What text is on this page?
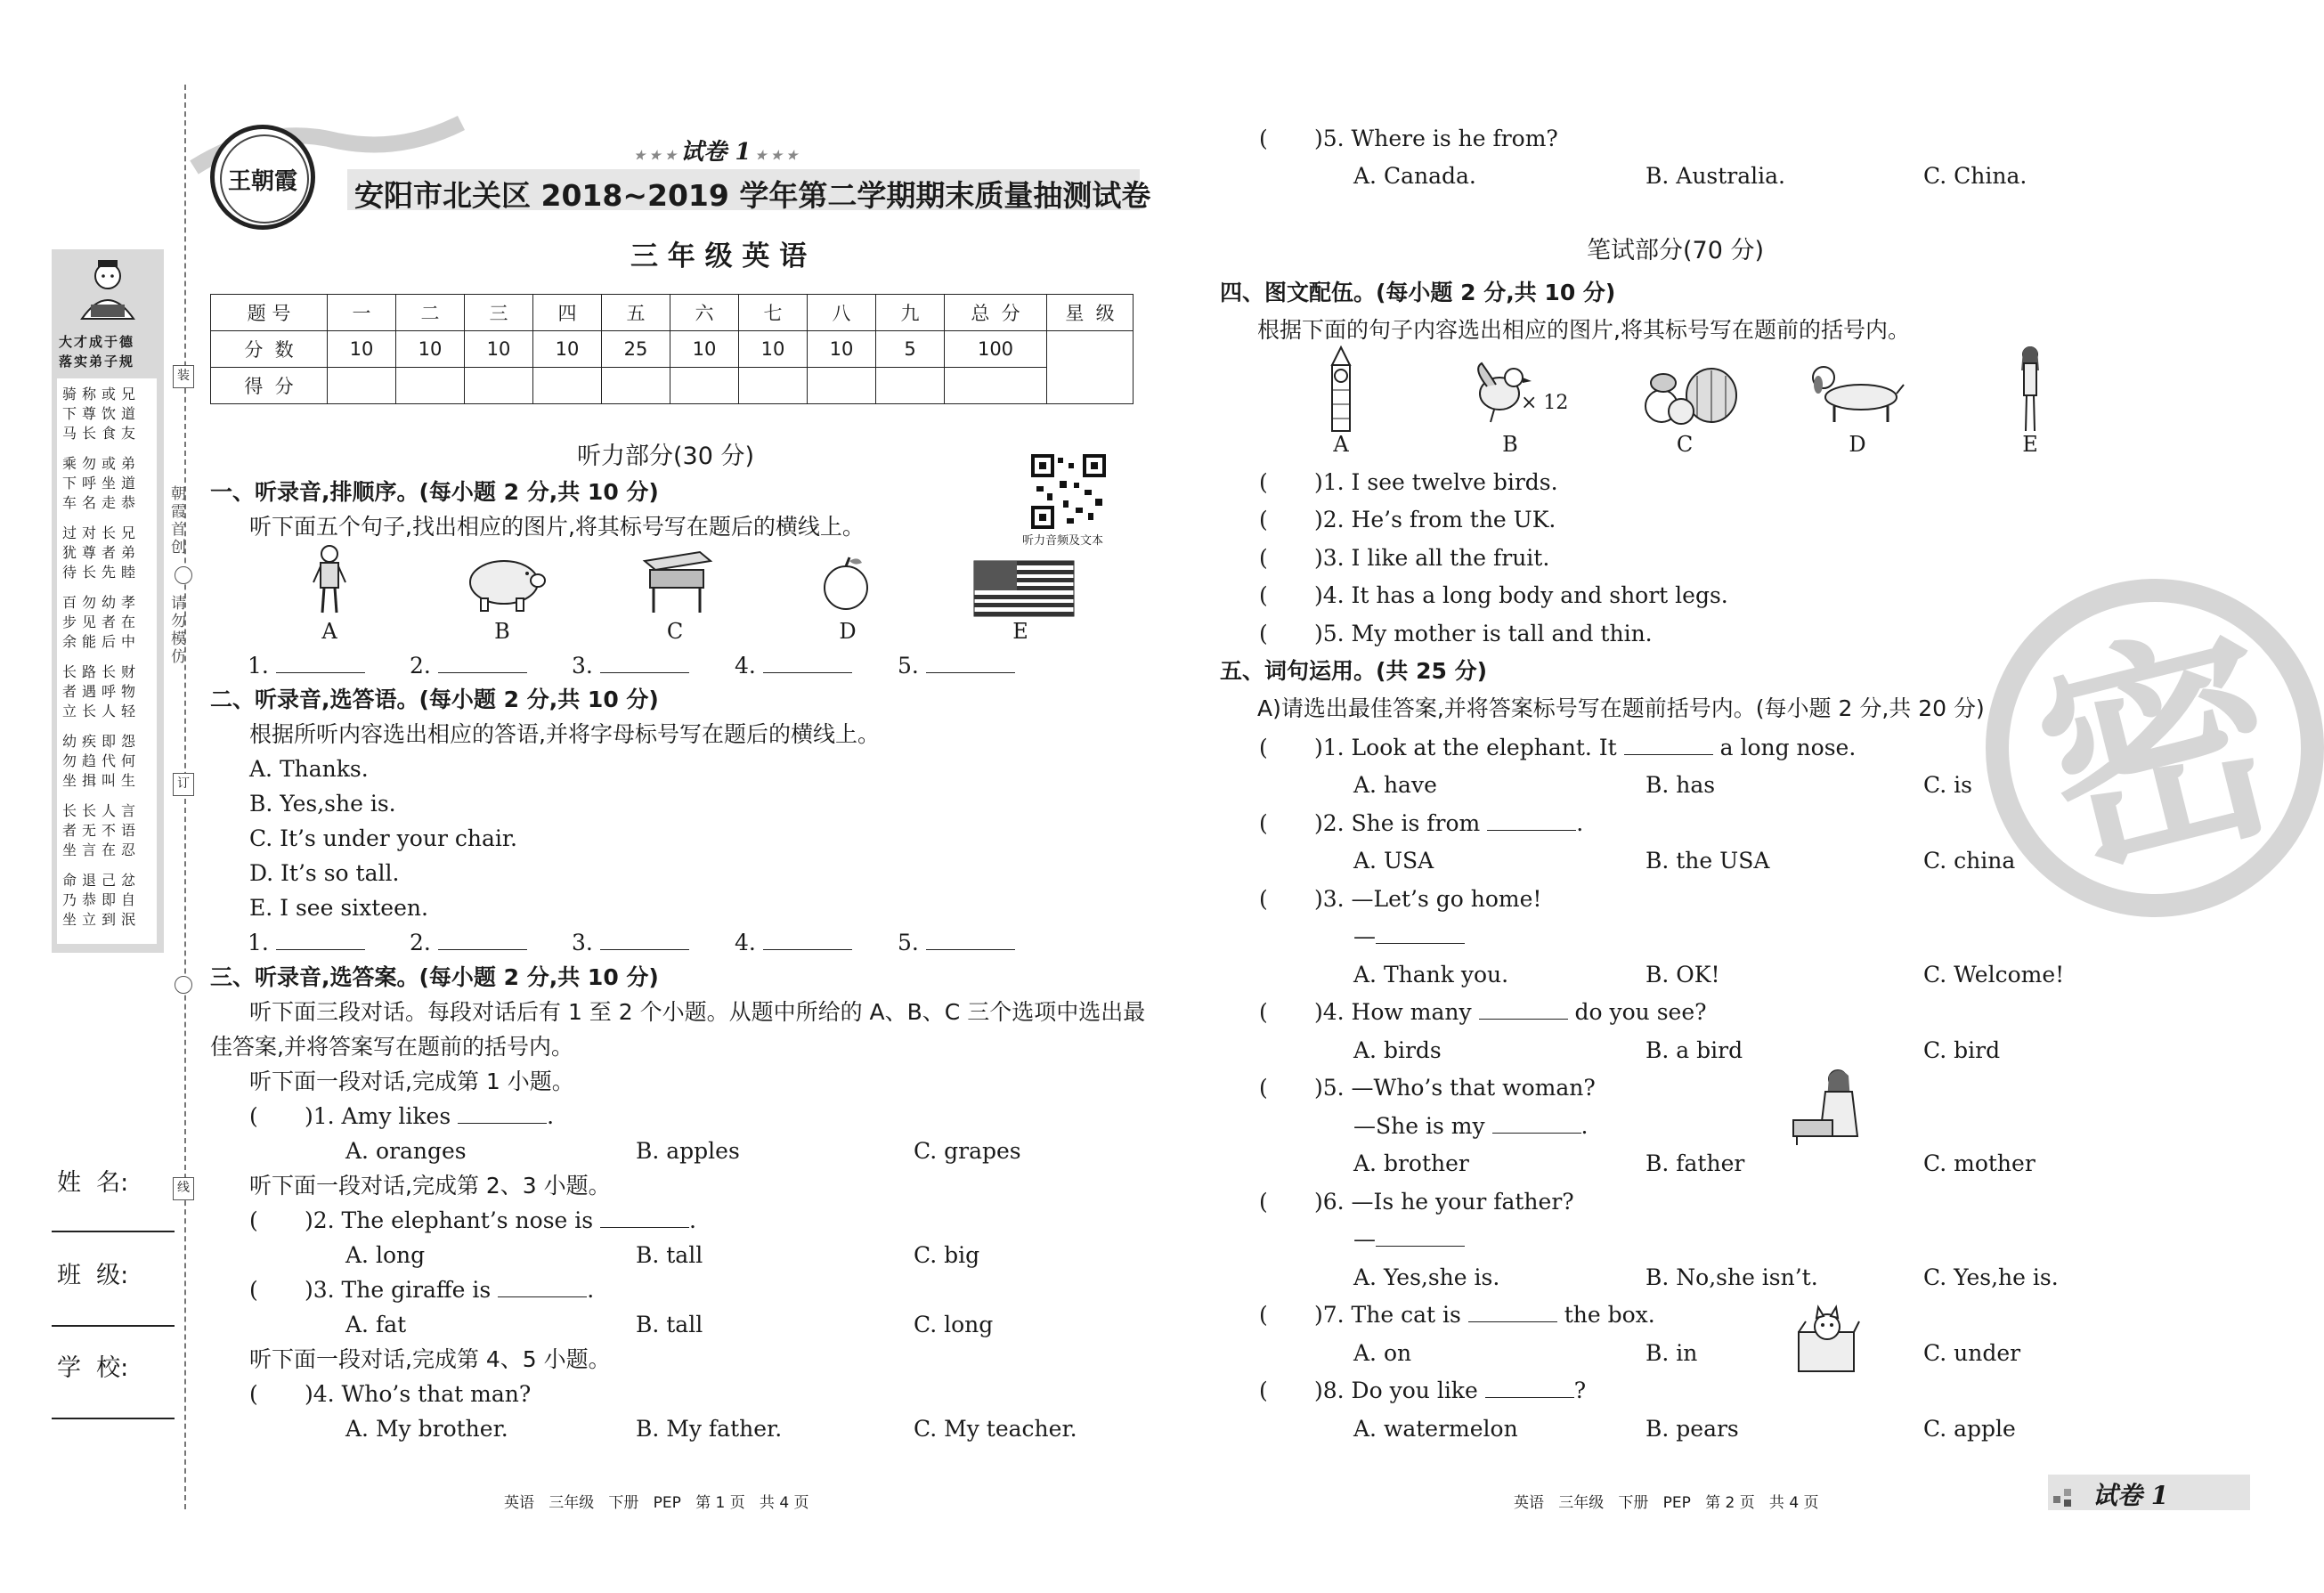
大才成于德
落实弟子规
骑称或兄
下尊饮道
马长食友
乘勿或弟
下呼坐道
车名走恭
过对长兄
犹尊者弟
待长先睦
百勿幼孝
步见者在
余能后中
长路长财
者遇呼物
立长人轻
幼疾即怨
勿趋代何
坐揖叫生
长长人言
者无不语
坐言在忍
命退己忿
乃恭即自
坐立到泯
朝霞首创
请勿模仿
装
订
线
姓  名:
班  级:
学  校:
王朝霞
★ ★ ★ 试卷 1 ★ ★ ★
安阳市北关区 2018~2019 学年第二学期期末质量抽测试卷
三 年 级 英 语
题 号	一	二	三	四	五	六	七	八	九	总  分	星  级
分  数	10	10	10	10	25	10	10	10	5	100	
得  分											
听力部分(30 分)
听力音频及文本
一、听录音,排顺序。(每小题 2 分,共 10 分)
听下面五个句子,找出相应的图片,将其标号写在题后的横线上。
A	B	C	D	E
1.	2.	3.	4.	5.
二、听录音,选答语。(每小题 2 分,共 10 分)
根据所听内容选出相应的答语,并将字母标号写在题后的横线上。
A. Thanks.
B. Yes,she is.
C. It’s under your chair.
D. It’s so tall.
E. I see sixteen.
1.	2.	3.	4.	5.
三、听录音,选答案。(每小题 2 分,共 10 分)
听下面三段对话。每段对话后有 1 至 2 个小题。从题中所给的 A、B、C 三个选项中选出最
佳答案,并将答案写在题前的括号内。
听下面一段对话,完成第 1 小题。
( )1. Amy likes	.
A. oranges	B. apples	C. grapes
听下面一段对话,完成第 2、3 小题。
( )2. The elephant’s nose is	.
A. long	B. tall	C. big
( )3. The giraffe is	.
A. fat	B. tall	C. long
听下面一段对话,完成第 4、5 小题。
( )4. Who’s that man?
A. My brother.	B. My father.	C. My teacher.
英语   三年级   下册   PEP   第 1 页   共 4 页
( )5. Where is he from?
A. Canada.	B. Australia.	C. China.
密
笔试部分(70 分)
四、图文配伍。(每小题 2 分,共 10 分)
根据下面的句子内容选出相应的图片,将其标号写在题前的括号内。
× 12
A	B	C	D	E
( )1. I see twelve birds.
( )2. He’s from the UK.
( )3. I like all the fruit.
( )4. It has a long body and short legs.
( )5. My mother is tall and thin.
五、词句运用。(共 25 分)
A)请选出最佳答案,并将答案标号写在题前括号内。(每小题 2 分,共 20 分)
( )1. Look at the elephant. It	a long nose.
A. have	B. has	C. is
( )2. She is from	.
A. USA	B. the USA	C. china
( )3. —Let’s go home!
—
A. Thank you.	B. OK!	C. Welcome!
( )4. How many	do you see?
A. birds	B. a bird	C. bird
( )5. —Who’s that woman?
—She is my	.
A. brother	B. father	C. mother
( )6. —Is he your father?
—
A. Yes,she is.	B. No,she isn’t.	C. Yes,he is.
( )7. The cat is	the box.
A. on	B. in	C. under
( )8. Do you like	?
A. watermelon	B. pears	C. apple
英语   三年级   下册   PEP   第 2 页   共 4 页	试卷 1
